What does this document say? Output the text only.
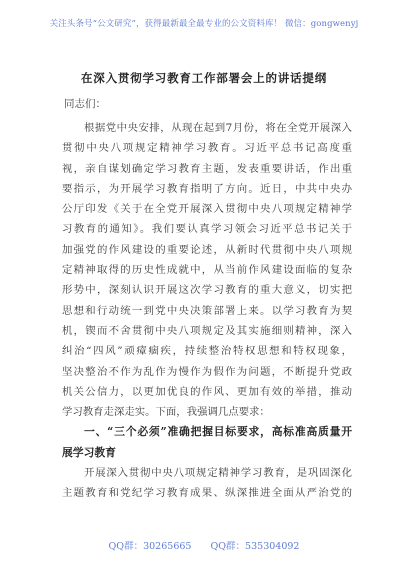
关注头条号“公文研究”，获得最新最全最专业的公文资料库！ 微信：gongwenyj
在深入贯彻学习教育工作部署会上的讲话提纲
同志们：
根据党中央安排，从现在起到7月份，将在全党开展深入
贯彻中央八项规定精神学习教育。习近平总书记高度重
视，亲自谋划确定学习教育主题，发表重要讲话，作出重
要指示，为开展学习教育指明了方向。近日，中共中央办
公厅印发《关于在全党开展深入贯彻中央八项规定精神学
习教育的通知》。我们要认真学习领会习近平总书记关于
加强党的作风建设的重要论述，从新时代贯彻中央八项规
定精神取得的历史性成就中，从当前作风建设面临的复杂
形势中，深刻认识开展这次学习教育的重大意义，切实把
思想和行动统一到党中央决策部署上来。以学习教育为契
机，锲而不舍贯彻中央八项规定及其实施细则精神，深入
纠治“四风”顽瘴痼疾，持续整治特权思想和特权现象，
坚决整治不作为乱作为慢作为假作为问题，不断提升党政
机关公信力，以更加优良的作风、更加有效的举措，推动
学习教育走深走实。下面，我强调几点要求：
一、“三个必须”准确把握目标要求，高标准高质量开
展学习教育
开展深入贯彻中央八项规定精神学习教育，是巩固深化
主题教育和党纪学习教育成果、纵深推进全面从严治党的
QQ群：30265665 QQ群：535304092
